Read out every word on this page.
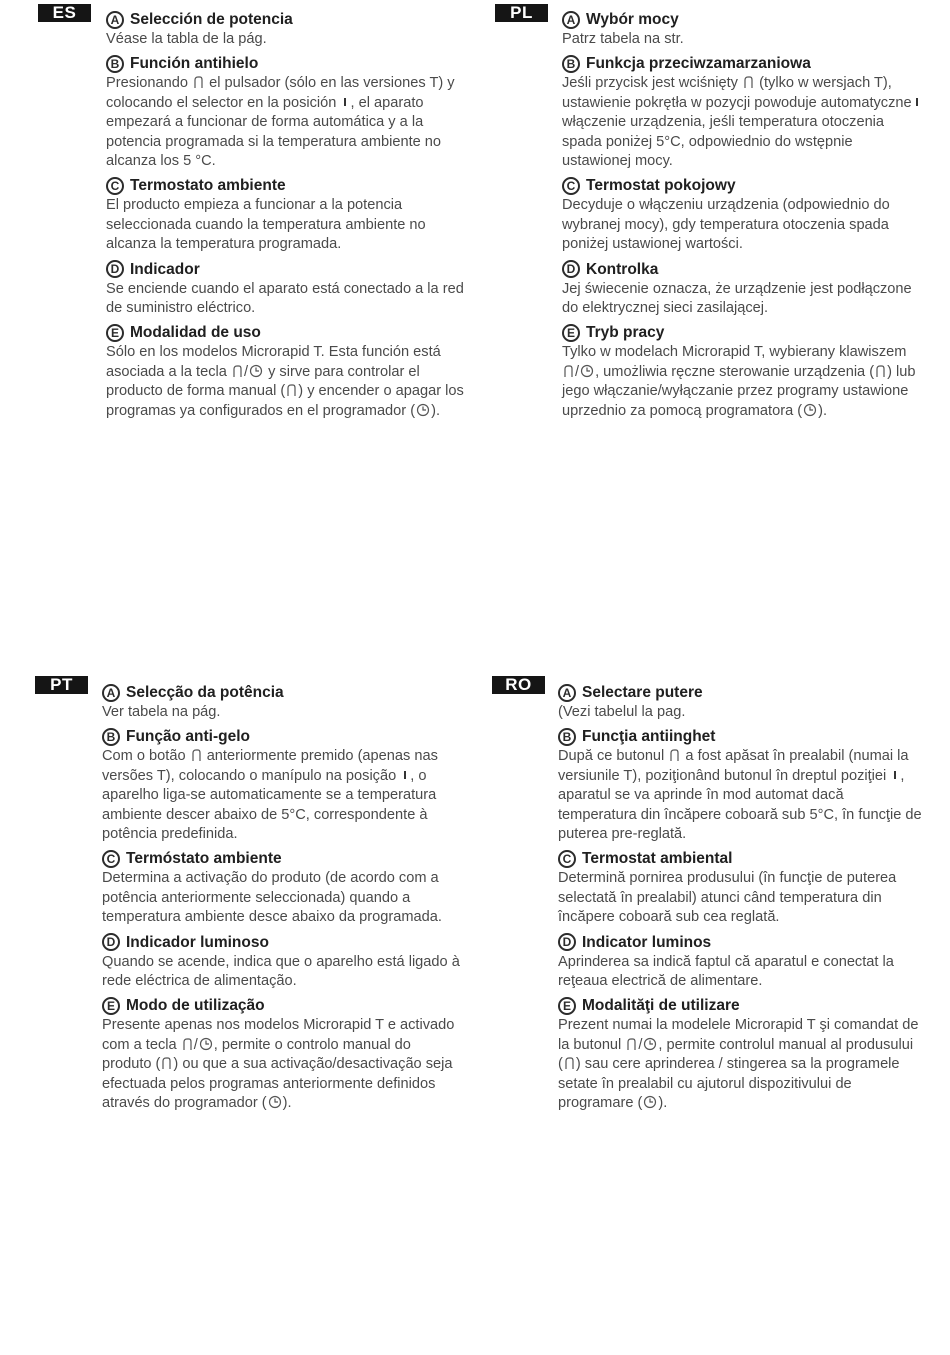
ES	A Selección de potencia

Véase la tabla de la pág.

B Función antihielo

Presionando el pulsador (sólo en las versiones T) y colocando el selector en la posición , el aparato empezará a funcionar de forma automática y a la potencia programada si la temperatura ambiente no alcanza los 5 °C.

C Termostato ambiente

El producto empieza a funcionar a la potencia seleccionada cuando la temperatura ambiente no alcanza la temperatura programada.

D Indicador

Se enciende cuando el aparato está conectado a la red de suministro eléctrico.

E Modalidad de uso

Sólo en los modelos Microrapid T. Esta función está asociada a la tecla / y sirve para controlar el producto de forma manual ( ) y encender o apagar los programas ya configurados en el programador ( ).

PL	A Wybór mocy

Patrz tabela na str.

B Funkcja przeciwzamarzaniowa

Jeśli przycisk jest wciśnięty (tylko w wersjach T), ustawienie pokrętła w pozycji powoduje automatyczne
włączenie urządzenia, jeśli temperatura otoczenia spada poniżej 5°C, odpowiednio do wstępnie ustawionej mocy.

C Termostat pokojowy

Decyduje o włączeniu urządzenia (odpowiednio do wybranej mocy), gdy temperatura otoczenia spada poniżej ustawionej wartości.

D Kontrolka

Jej świecenie oznacza, że urządzenie jest podłączone do elektrycznej sieci zasilającej.

E Tryb pracy

Tylko w modelach Microrapid T, wybierany klawiszem
/ , umożliwia ręczne sterowanie urządzenia ( ) lub jego włączanie/wyłączanie przez programy ustawione uprzednio za pomocą programatora ( ).

PT	A Selecção da potência

Ver tabela na pág.

B Função anti-gelo

Com o botão anteriormente premido (apenas nas versões T), colocando o manípulo na posição , o aparelho liga-se automaticamente se a temperatura ambiente descer abaixo de 5°C, correspondente à potência predefinida.

C Termóstato ambiente

Determina a activação do produto (de acordo com a potência anteriormente seleccionada) quando a temperatura ambiente desce abaixo da programada.

D Indicador luminoso

Quando se acende, indica que o aparelho está ligado à rede eléctrica de alimentação.

E Modo de utilização

Presente apenas nos modelos Microrapid T e activado com a tecla / , permite o controlo manual do produto ( ) ou que a sua activação/desactivação seja efectuada pelos programas anteriormente definidos através do programador ( ).

RO	A Selectare putere

(Vezi tabelul la pag.

B Funcţia antiinghet

După ce butonul a fost apăsat în prealabil (numai la versiunile T), poziţionând butonul în dreptul poziţiei , aparatul se va aprinde în mod automat dacă temperatura din încăpere coboară sub 5°C, în funcţie de puterea pre-reglată.

C Termostat ambiental

Determină pornirea produsului (în funcţie de puterea selectată în prealabil) atunci când temperatura din încăpere coboară sub cea reglată.

D Indicator luminos

Aprinderea sa indică faptul că aparatul e conectat la reţeaua electrică de alimentare.

E Modalităţi de utilizare

Prezent numai la modelele Microrapid T şi comandat de la butonul / , permite controlul manual al produsului ( ) sau cere aprinderea / stingerea sa la programele setate în prealabil cu ajutorul dispozitivului de programare ( ).
